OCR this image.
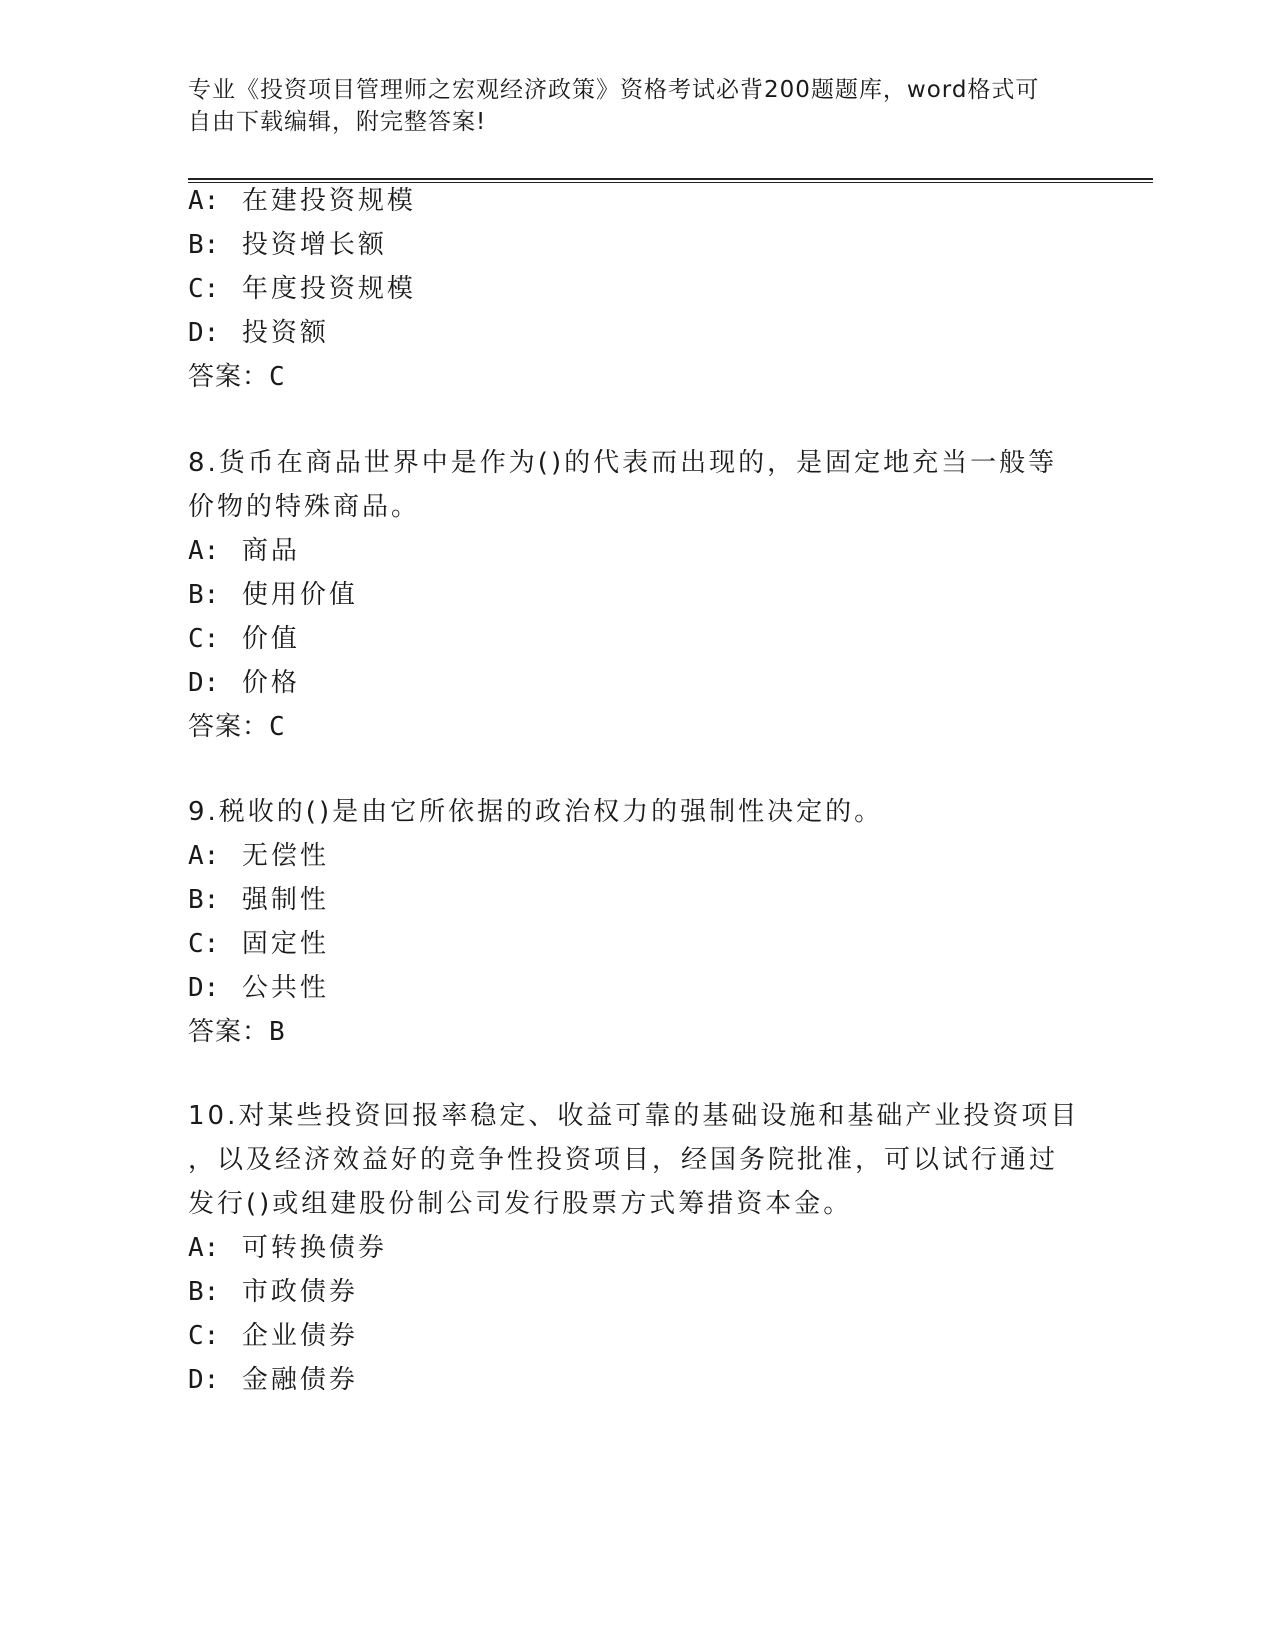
专业《投资项目管理师之宏观经济政策》资格考试必背200题题库，word格式可
自由下载编辑，附完整答案!
A: 在建投资规模
B: 投资增长额
C: 年度投资规模
D: 投资额
答案：C
8.货币在商品世界中是作为()的代表而出现的，是固定地充当一般等
价物的特殊商品。
A: 商品
B: 使用价值
C: 价值
D: 价格
答案：C
9.税收的()是由它所依据的政治权力的强制性决定的。
A: 无偿性
B: 强制性
C: 固定性
D: 公共性
答案：B
10.对某些投资回报率稳定、收益可靠的基础设施和基础产业投资项目
，以及经济效益好的竞争性投资项目，经国务院批准，可以试行通过
发行()或组建股份制公司发行股票方式筹措资本金。
A: 可转换债券
B: 市政债券
C: 企业债券
D: 金融债券
